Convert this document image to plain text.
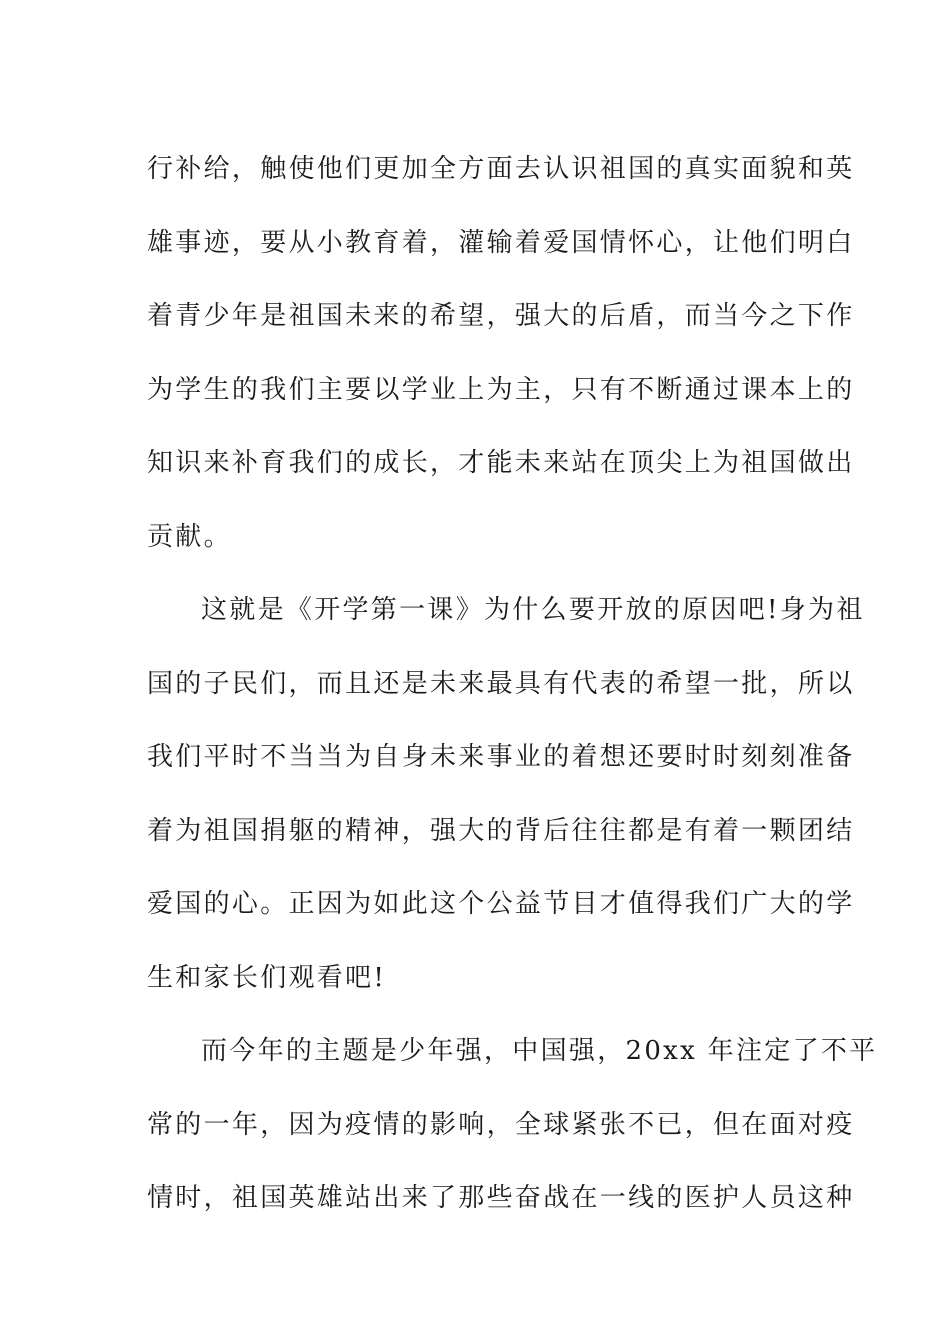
行补给，触使他们更加全方面去认识祖国的真实面貌和英
雄事迹，要从小教育着，灌输着爱国情怀心，让他们明白
着青少年是祖国未来的希望，强大的后盾，而当今之下作
为学生的我们主要以学业上为主，只有不断通过课本上的
知识来补育我们的成长，才能未来站在顶尖上为祖国做出
贡献。
这就是《开学第一课》为什么要开放的原因吧!身为祖
国的子民们，而且还是未来最具有代表的希望一批，所以
我们平时不当当为自身未来事业的着想还要时时刻刻准备
着为祖国捐躯的精神，强大的背后往往都是有着一颗团结
爱国的心。正因为如此这个公益节目才值得我们广大的学
生和家长们观看吧!
而今年的主题是少年强，中国强，20xx 年注定了不平
常的一年，因为疫情的影响，全球紧张不已，但在面对疫
情时，祖国英雄站出来了那些奋战在一线的医护人员这种
